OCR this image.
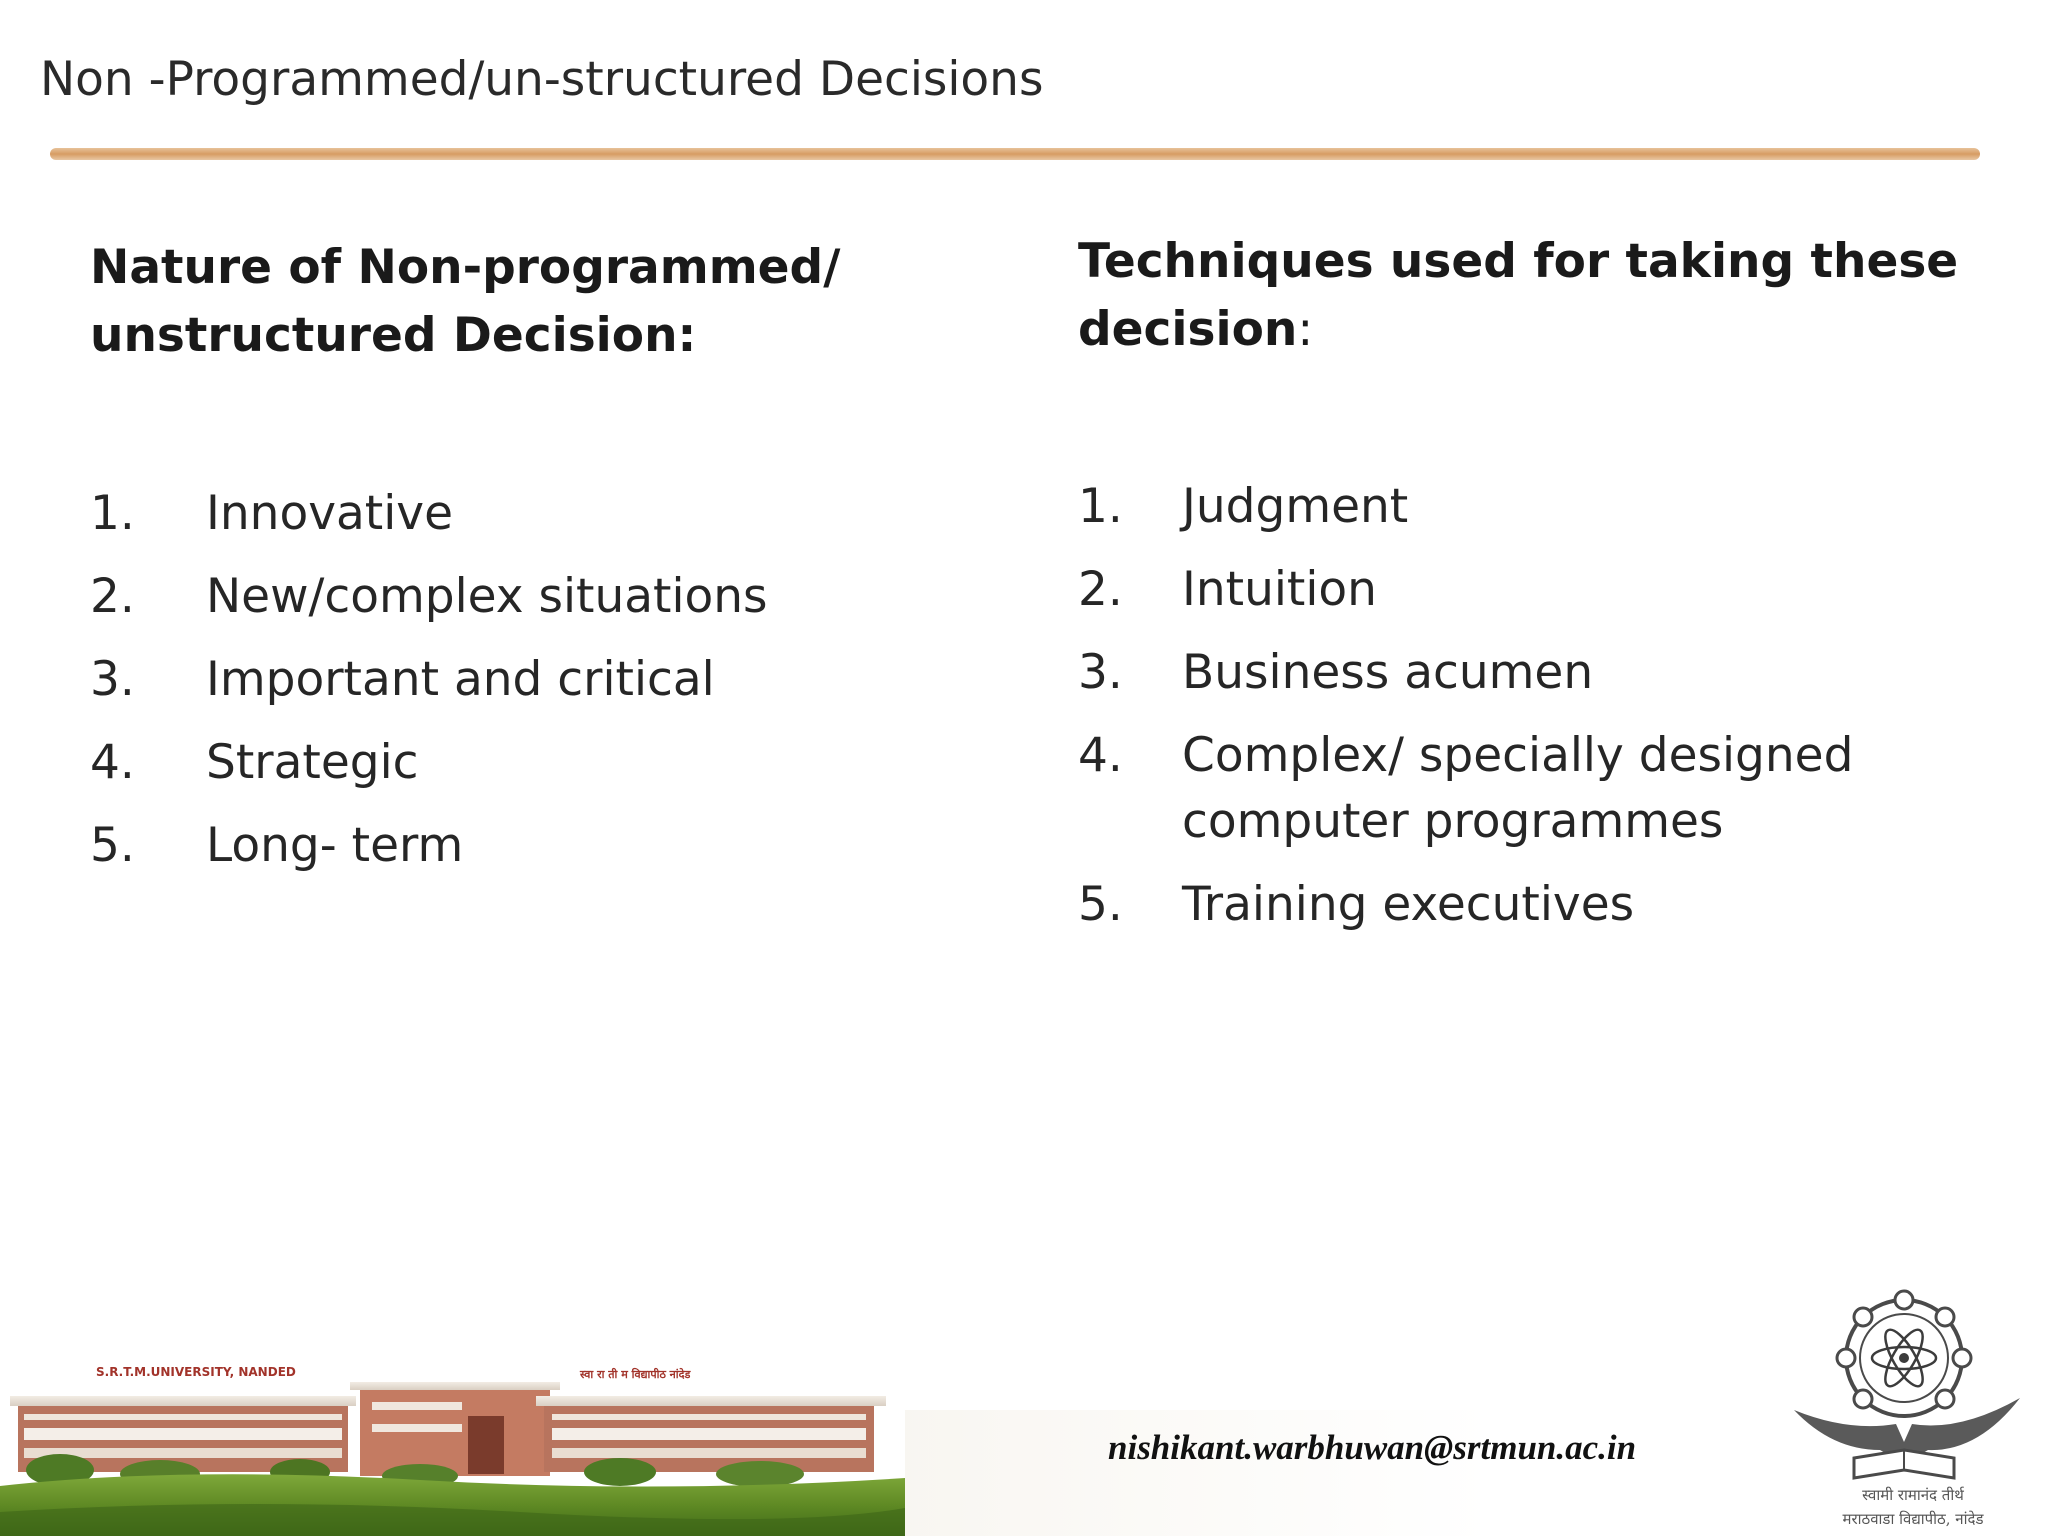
Non -Programmed/un-structured Decisions
Nature of Non-programmed/
unstructured Decision:
1.	Innovative
2.	New/complex situations
3.	Important and critical
4.	Strategic
5.	Long- term
Techniques used for taking these
decision:
1.	Judgment
2.	Intuition
3.	Business acumen
4.	Complex/ specially designed computer programmes
5.	Training executives
S.R.T.M.UNIVERSITY, NANDED	स्वा रा ती म विद्यापीठ नांदेड
nishikant.warbhuwan@srtmun.ac.in
स्वामी रामानंद तीर्थ
मराठवाडा विद्यापीठ, नांदेड
